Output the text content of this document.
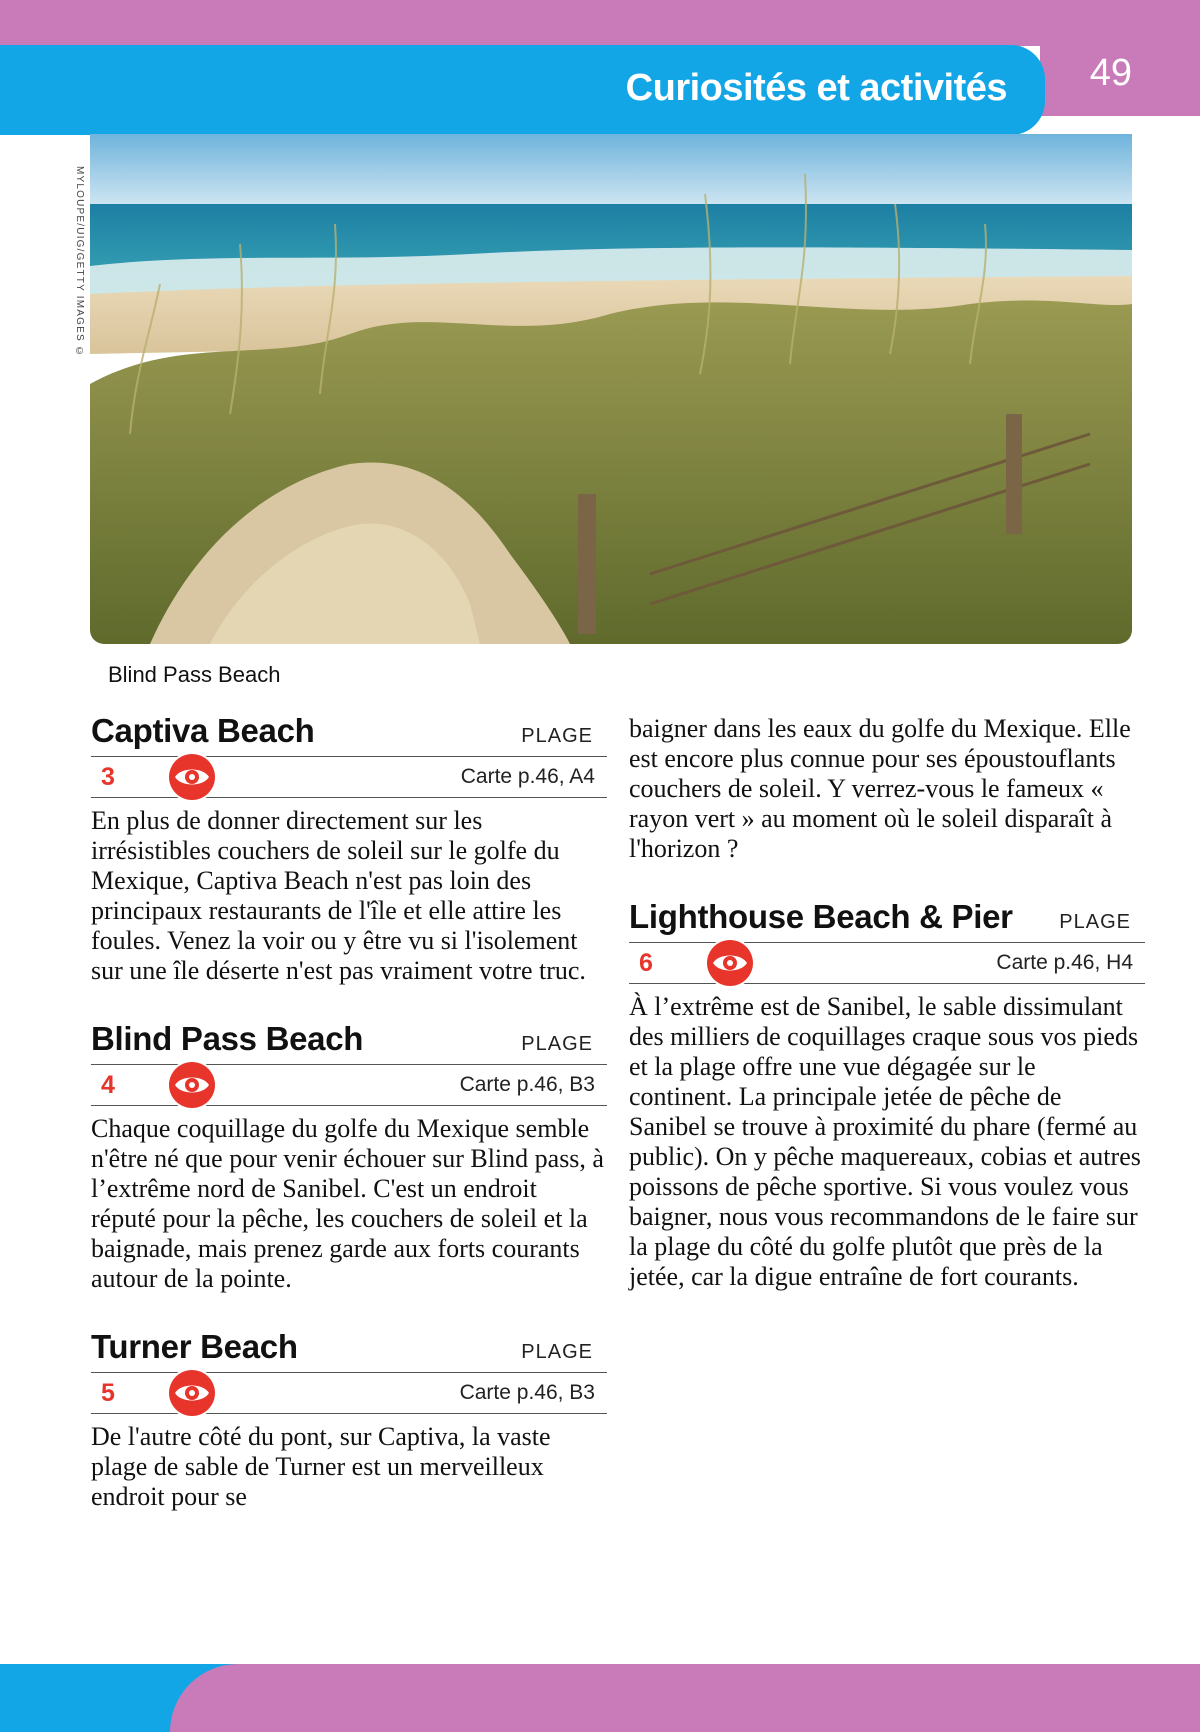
49
Curiosités et activités
MYLOUPE/UIG/GETTY IMAGES ©
Blind Pass Beach
Captiva Beach	PLAGE
3	Carte p.46, A4
En plus de donner directement sur les irrésistibles couchers de soleil sur le golfe du Mexique, Captiva Beach n'est pas loin des principaux restaurants de l'île et elle attire les foules. Venez la voir ou y être vu si l'isolement sur une île déserte n'est pas vraiment votre truc.
Blind Pass Beach	PLAGE
4	Carte p.46, B3
Chaque coquillage du golfe du Mexique semble n'être né que pour venir échouer sur Blind pass, à l’extrême nord de Sanibel. C'est un endroit réputé pour la pêche, les couchers de soleil et la baignade, mais prenez garde aux forts courants autour de la pointe.
Turner Beach	PLAGE
5	Carte p.46, B3
De l'autre côté du pont, sur Captiva, la vaste plage de sable de Turner est un merveilleux endroit pour se
baigner dans les eaux du golfe du Mexique. Elle est encore plus connue pour ses époustouflants couchers de soleil. Y verrez-vous le fameux « rayon vert » au moment où le soleil disparaît à l'horizon ?
Lighthouse Beach & Pier PLAGE
6	Carte p.46, H4
À l’extrême est de Sanibel, le sable dissimulant des milliers de coquillages craque sous vos pieds et la plage offre une vue dégagée sur le continent. La principale jetée de pêche de Sanibel se trouve à proximité du phare (fermé au public). On y pêche maquereaux, cobias et autres poissons de pêche sportive. Si vous voulez vous baigner, nous vous recommandons de le faire sur la plage du côté du golfe plutôt que près de la jetée, car la digue entraîne de fort courants.
